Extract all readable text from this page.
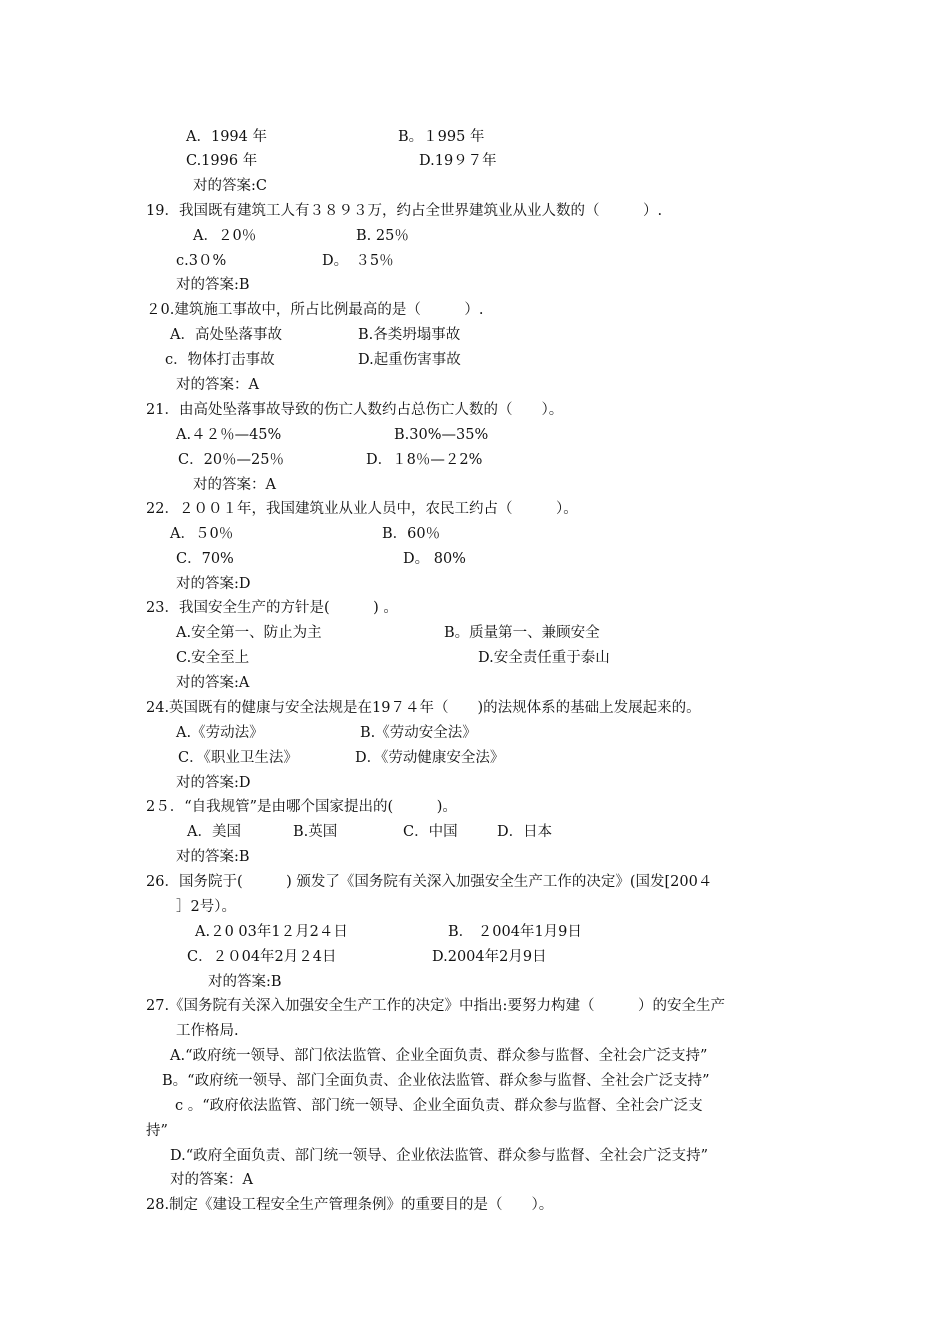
A．1994 年	B。１995 年
C.1996 年	D.19９７年
对的答案:C
19．我国既有建筑工人有３８９３万，约占全世界建筑业从业人数的（　　　）.
A．２0％	B. 25％
c.3０%	D。　３5％
对的答案:B
２0.建筑施工事故中，所占比例最高的是（　　　）.
A．高处坠落事故	B.各类坍塌事故
c．物体打击事故	D.起重伤害事故
对的答案：A
21．由高处坠落事故导致的伤亡人数约占总伤亡人数的（　　）。
A.４２％—45%	B.30%—35%
C．20％—25％	D．１8％—２2%
对的答案：A
22．２００１年，我国建筑业从业人员中，农民工约占（　　　）。
A．５0％	B．60％
C．70%	D。 80%
对的答案:D
23．我国安全生产的方针是(　　　) 。
A.安全第一、防止为主	B。质量第一、兼顾安全
C.安全至上	D.安全责任重于泰山
对的答案:A
24.英国既有的健康与安全法规是在19７４年（　　)的法规体系的基础上发展起来的。
A.《劳动法》	B.《劳动安全法》
C．《职业卫生法》	D．《劳动健康安全法》
对的答案:D
2５．“自我规管”是由哪个国家提出的(　　　)。
A．美国	B.英国	C．中国	D．日本
对的答案:B
26．国务院于(　　　) 颁发了《国务院有关深入加强安全生产工作的决定》(国发[200４
］2号）。
A.２0 03年1２月2４日	B． ２004年1月9日
C．２０04年2月２4日	D.2004年2月9日
对的答案:B
27.《国务院有关深入加强安全生产工作的决定》中指出:要努力构建（　　　）的安全生产
工作格局.
A.“政府统一领导、部门依法监管、企业全面负责、群众参与监督、全社会广泛支持”
B。“政府统一领导、部门全面负责、企业依法监管、群众参与监督、全社会广泛支持”
c 。“政府依法监管、部门统一领导、企业全面负责、群众参与监督、全社会广泛支
持”
D.“政府全面负责、部门统一领导、企业依法监管、群众参与监督、全社会广泛支持”
对的答案：A
28.制定《建设工程安全生产管理条例》的重要目的是（　　）。
